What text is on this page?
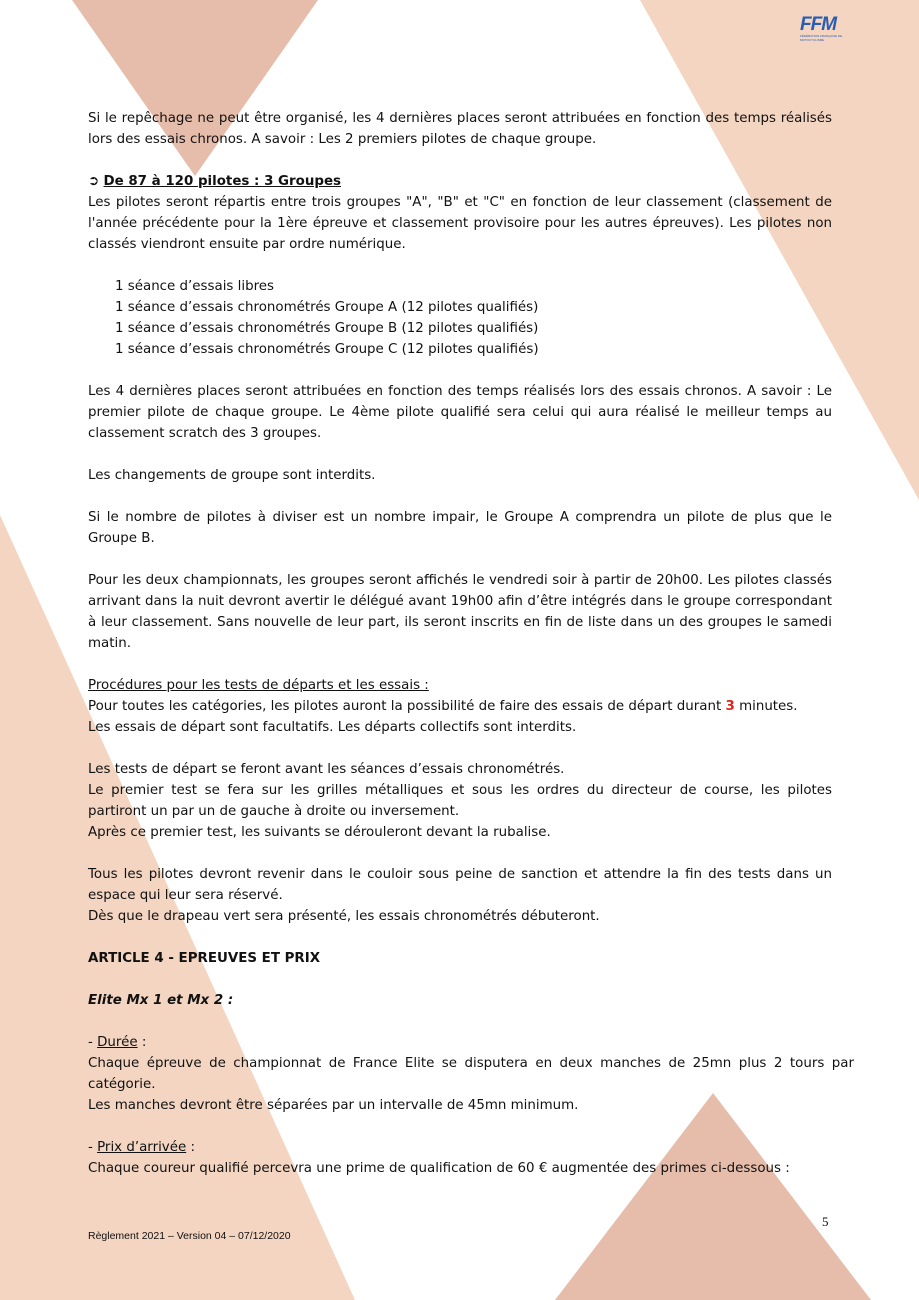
FFM
FÉDÉRATION FRANÇAISE DE MOTOCYCLISME

Si le repêchage ne peut être organisé, les 4 dernières places seront attribuées en fonction des temps réalisés lors des essais chronos. A savoir : Les 2 premiers pilotes de chaque groupe.

➲ De 87 à 120 pilotes : 3 Groupes

Les pilotes seront répartis entre trois groupes "A", "B" et "C" en fonction de leur classement (classement de l'année précédente pour la 1ère épreuve et classement provisoire pour les autres épreuves). Les pilotes non classés viendront ensuite par ordre numérique.

1 séance d’essais libres

1 séance d’essais chronométrés Groupe A (12 pilotes qualifiés)

1 séance d’essais chronométrés Groupe B (12 pilotes qualifiés)

1 séance d’essais chronométrés Groupe C (12 pilotes qualifiés)

Les 4 dernières places seront attribuées en fonction des temps réalisés lors des essais chronos. A savoir : Le premier pilote de chaque groupe. Le 4ème pilote qualifié sera celui qui aura réalisé le meilleur temps au classement scratch des 3 groupes.

Les changements de groupe sont interdits.

Si le nombre de pilotes à diviser est un nombre impair, le Groupe A comprendra un pilote de plus que le Groupe B.

Pour les deux championnats, les groupes seront affichés le vendredi soir à partir de 20h00. Les pilotes classés arrivant dans la nuit devront avertir le délégué avant 19h00 afin d’être intégrés dans le groupe correspondant à leur classement. Sans nouvelle de leur part, ils seront inscrits en fin de liste dans un des groupes le samedi matin.

Procédures pour les tests de départs et les essais :

Pour toutes les catégories, les pilotes auront la possibilité de faire des essais de départ durant 3 minutes.

Les essais de départ sont facultatifs. Les départs collectifs sont interdits.

Les tests de départ se feront avant les séances d’essais chronométrés.

Le premier test se fera sur les grilles métalliques et sous les ordres du directeur de course, les pilotes partiront un par un de gauche à droite ou inversement.

Après ce premier test, les suivants se dérouleront devant la rubalise.

Tous les pilotes devront revenir dans le couloir sous peine de sanction et attendre la fin des tests dans un espace qui leur sera réservé.

Dès que le drapeau vert sera présenté, les essais chronométrés débuteront.

ARTICLE 4 - EPREUVES ET PRIX

Elite Mx 1 et Mx 2 :

- Durée :

Chaque épreuve de championnat de France Elite se disputera en deux manches de 25mn plus 2 tours par catégorie.

Les manches devront être séparées par un intervalle de 45mn minimum.

- Prix d’arrivée :

Chaque coureur qualifié percevra une prime de qualification de 60 € augmentée des primes ci-dessous :

5
Règlement 2021 – Version 04 – 07/12/2020
